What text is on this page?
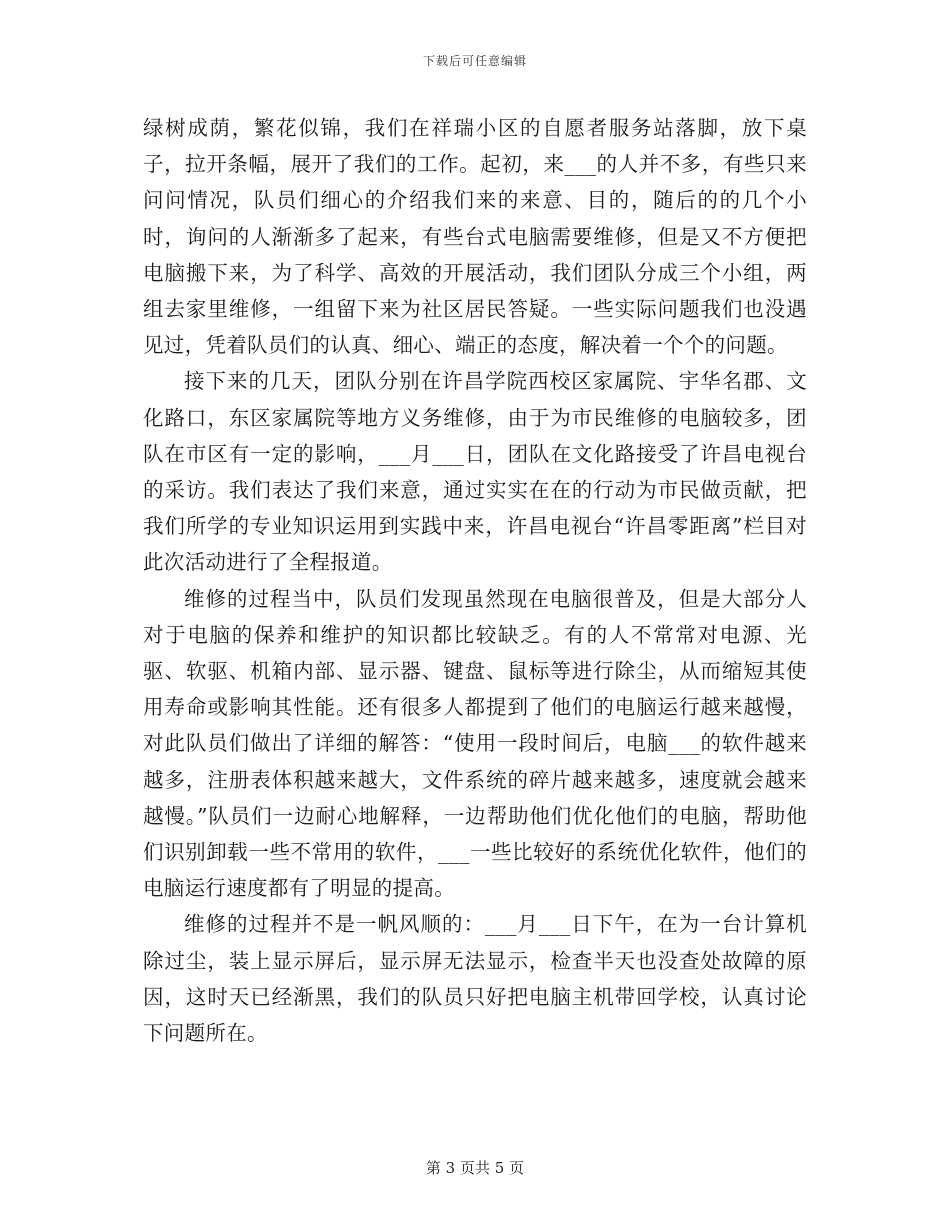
下载后可任意编辑

绿树成荫，繁花似锦，我们在祥瑞小区的自愿者服务站落脚，放下桌子，拉开条幅，展开了我们的工作。起初，来___的人并不多，有些只来问问情况，队员们细心的介绍我们来的来意、目的，随后的的几个小时，询问的人渐渐多了起来，有些台式电脑需要维修，但是又不方便把电脑搬下来，为了科学、高效的开展活动，我们团队分成三个小组，两组去家里维修，一组留下来为社区居民答疑。一些实际问题我们也没遇见过，凭着队员们的认真、细心、端正的态度，解决着一个个的问题。

接下来的几天，团队分别在许昌学院西校区家属院、宇华名郡、文化路口，东区家属院等地方义务维修，由于为市民维修的电脑较多，团队在市区有一定的影响，___月___日，团队在文化路接受了许昌电视台的采访。我们表达了我们来意，通过实实在在的行动为市民做贡献，把我们所学的专业知识运用到实践中来，许昌电视台“许昌零距离”栏目对此次活动进行了全程报道。

维修的过程当中，队员们发现虽然现在电脑很普及，但是大部分人对于电脑的保养和维护的知识都比较缺乏。有的人不常常对电源、光驱、软驱、机箱内部、显示器、键盘、鼠标等进行除尘，从而缩短其使用寿命或影响其性能。还有很多人都提到了他们的电脑运行越来越慢，对此队员们做出了详细的解答：“使用一段时间后，电脑___的软件越来越多，注册表体积越来越大，文件系统的碎片越来越多，速度就会越来越慢。”队员们一边耐心地解释，一边帮助他们优化他们的电脑，帮助他们识别卸载一些不常用的软件，___一些比较好的系统优化软件，他们的电脑运行速度都有了明显的提高。

维修的过程并不是一帆风顺的：___月___日下午，在为一台计算机除过尘，装上显示屏后，显示屏无法显示，检查半天也没查处故障的原因，这时天已经渐黑，我们的队员只好把电脑主机带回学校，认真讨论下问题所在。

第 3 页共 5 页
